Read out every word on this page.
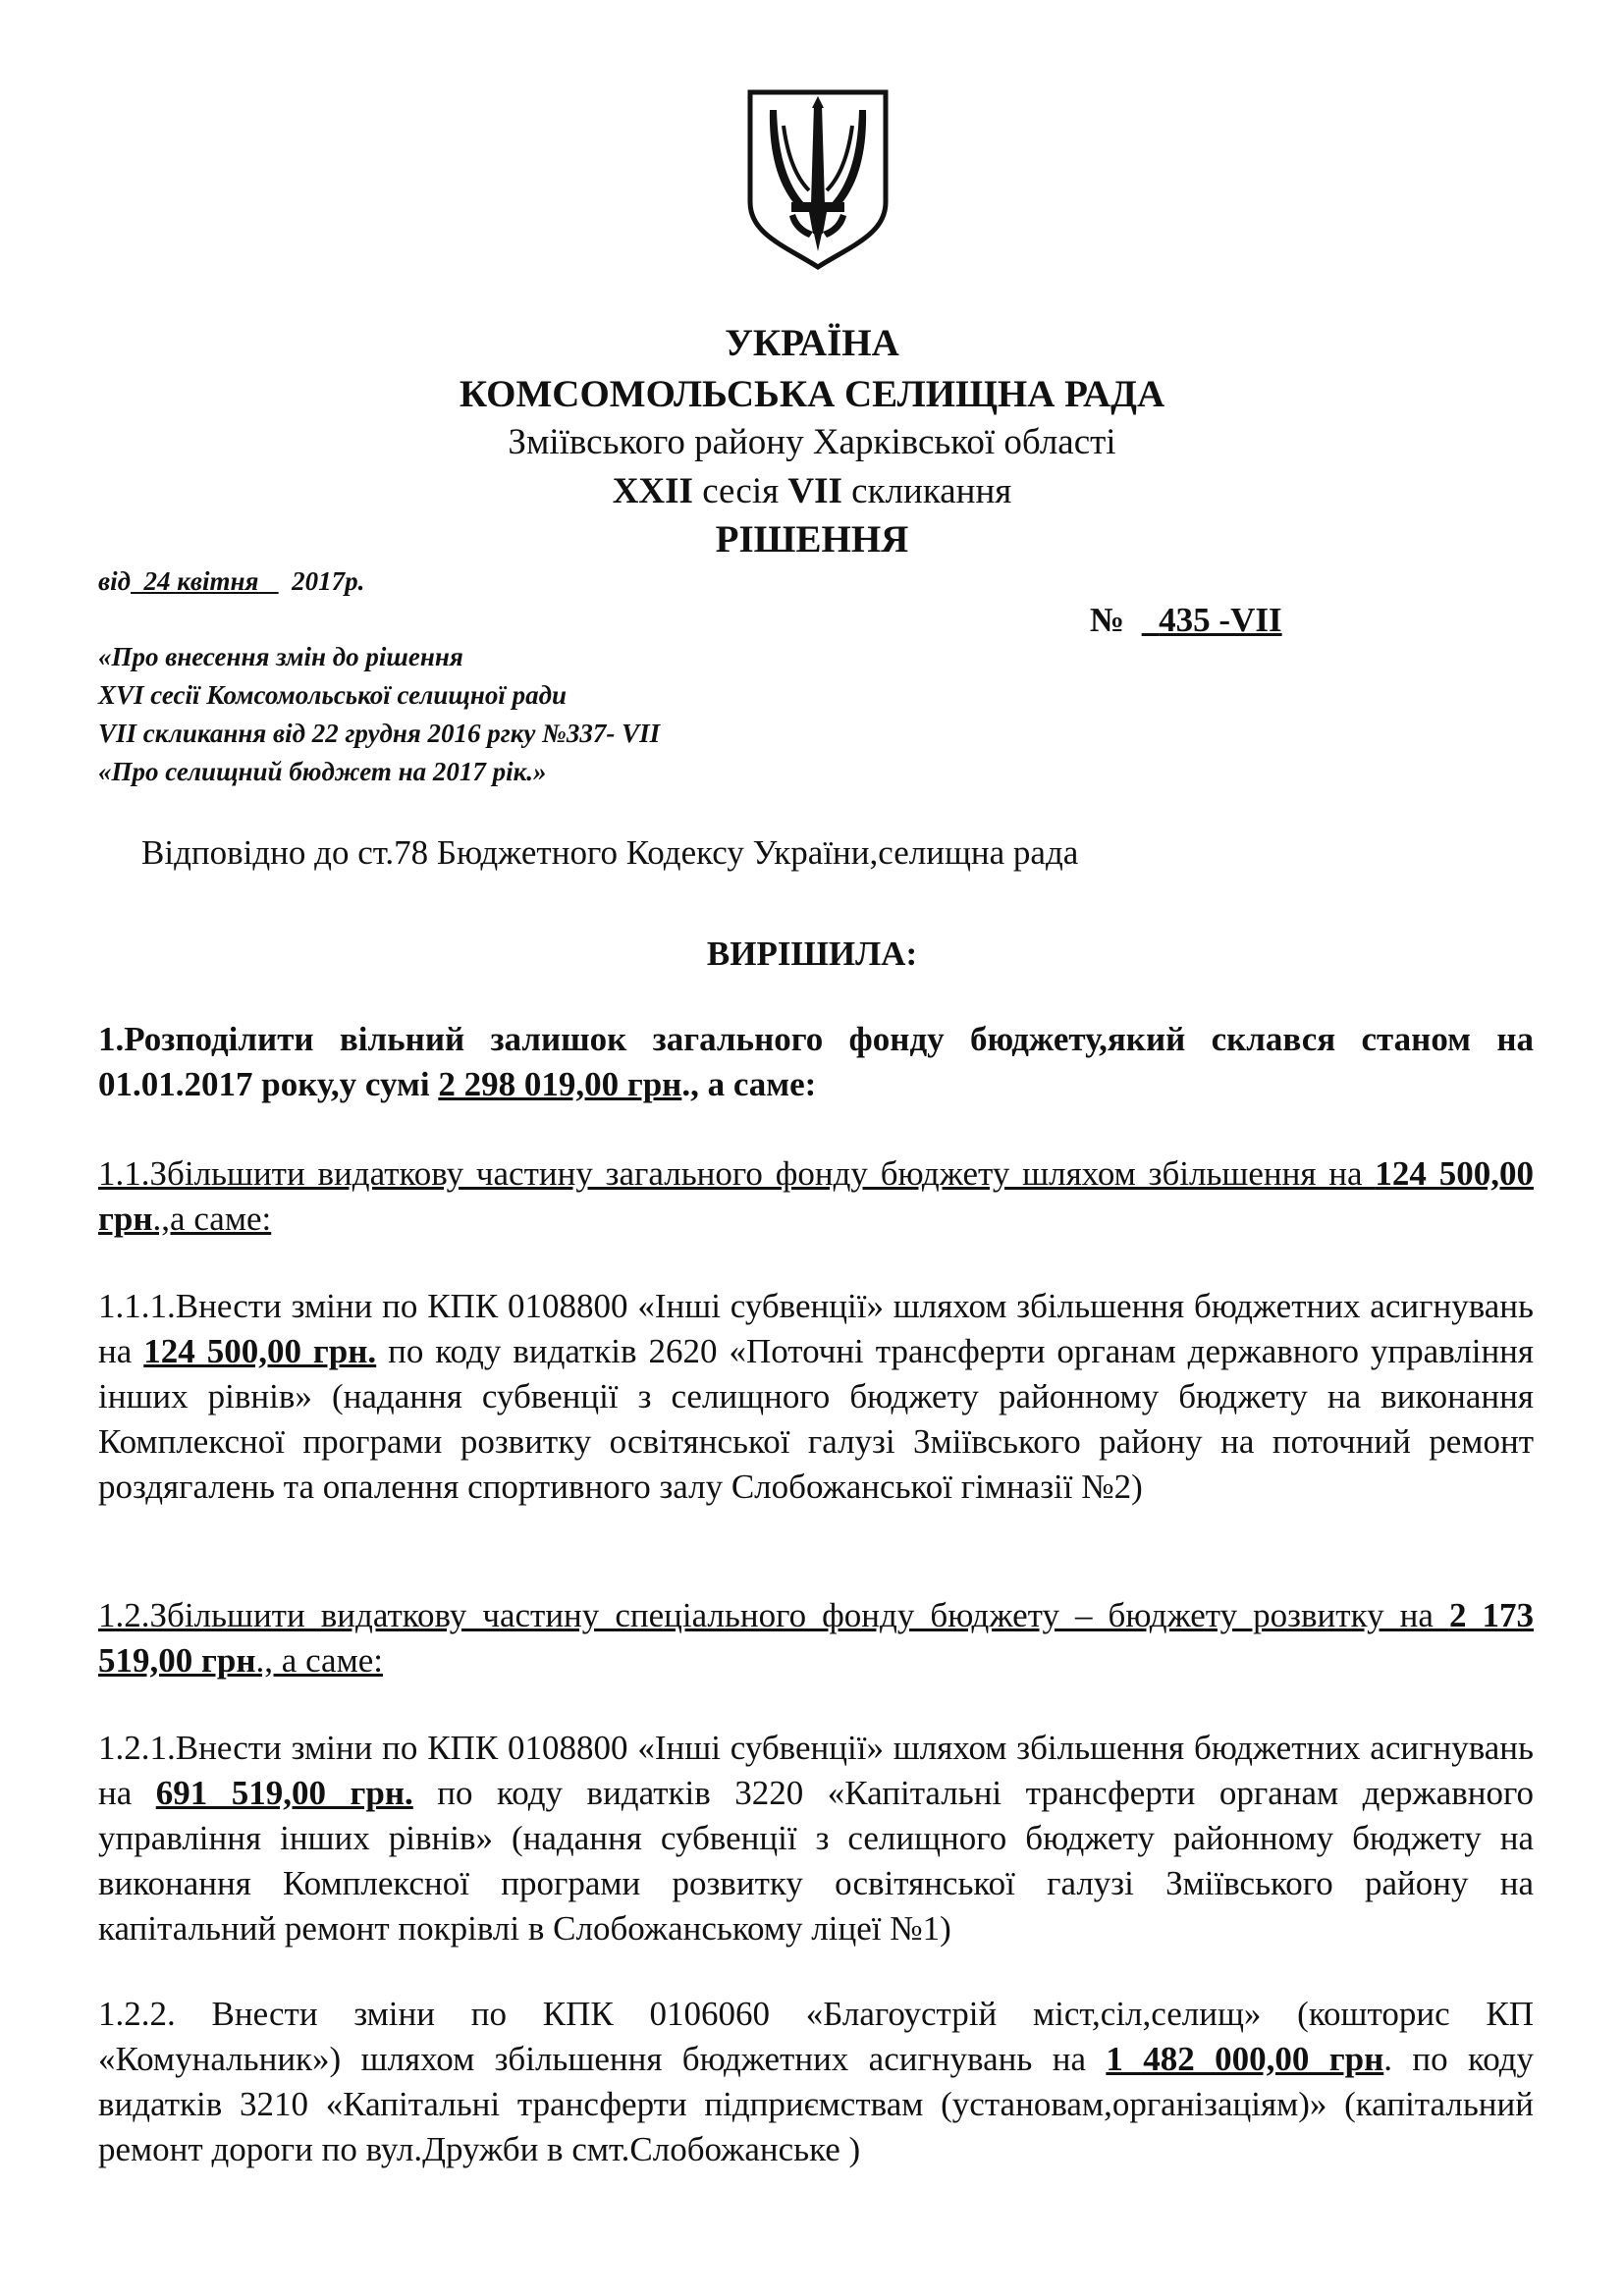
УКРАЇНА
КОМСОМОЛЬСЬКА СЕЛИЩНА РАДА
Зміївського району Харківської області
XXII сесія VII скликання
РІШЕННЯ
від 24 квітня 2017р.
№ 435 -VII
«Про внесення змін до рішення
XVI сесії Комсомольської селищної ради
VII скликання від 22 грудня 2016 ргку №337- VII
«Про селищний бюджет на 2017 рік.»
Відповідно до ст.78 Бюджетного Кодексу України,селищна рада
ВИРІШИЛА:
1.Розподілити вільний залишок загального фонду бюджету,який склався станом на 01.01.2017 року,у сумі 2 298 019,00 грн., а саме:
1.1.Збільшити видаткову частину загального фонду бюджету шляхом збільшення на 124 500,00 грн.,а саме:
1.1.1.Внести зміни по КПК 0108800 «Інші субвенції» шляхом збільшення бюджетних асигнувань на 124 500,00 грн. по коду видатків 2620 «Поточні трансферти органам державного управління інших рівнів» (надання субвенції з селищного бюджету районному бюджету на виконання Комплексної програми розвитку освітянської галузі Зміївського району на поточний ремонт роздягалень та опалення спортивного залу Слобожанської гімназії №2)
1.2.Збільшити видаткову частину спеціального фонду бюджету – бюджету розвитку на 2 173 519,00 грн., а саме:
1.2.1.Внести зміни по КПК 0108800 «Інші субвенції» шляхом збільшення бюджетних асигнувань на 691 519,00 грн. по коду видатків 3220 «Капітальні трансферти органам державного управління інших рівнів» (надання субвенції з селищного бюджету районному бюджету на виконання Комплексної програми розвитку освітянської галузі Зміївського району на капітальний ремонт покрівлі в Слобожанському ліцеї №1)
1.2.2. Внести зміни по КПК 0106060 «Благоустрій міст,сіл,селищ» (кошторис КП «Комунальник») шляхом збільшення бюджетних асигнувань на 1 482 000,00 грн. по коду видатків 3210 «Капітальні трансферти підприємствам (установам,організаціям)» (капітальний ремонт дороги по вул.Дружби в смт.Слобожанське )
